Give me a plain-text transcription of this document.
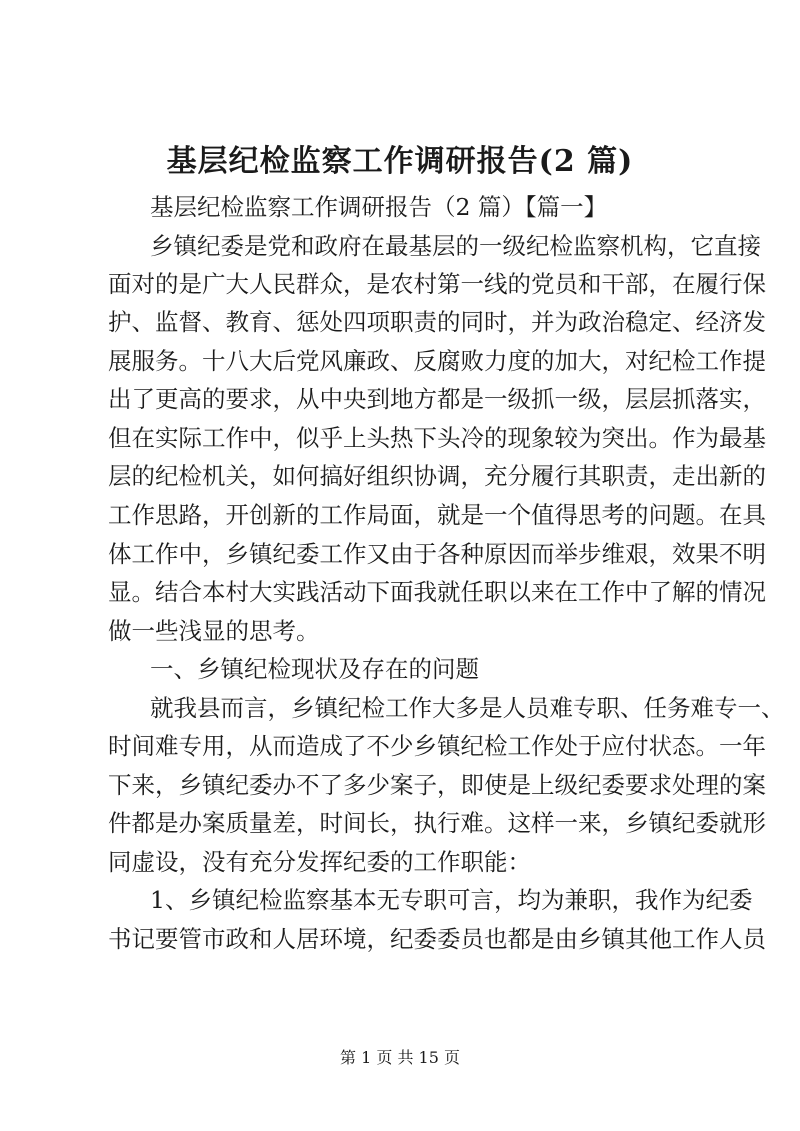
基层纪检监察工作调研报告(2 篇)
基层纪检监察工作调研报告（2 篇）【篇一】
乡镇纪委是党和政府在最基层的一级纪检监察机构，它直接
面对的是广大人民群众，是农村第一线的党员和干部，在履行保
护、监督、教育、惩处四项职责的同时，并为政治稳定、经济发
展服务。十八大后党风廉政、反腐败力度的加大，对纪检工作提
出了更高的要求，从中央到地方都是一级抓一级，层层抓落实，
但在实际工作中，似乎上头热下头冷的现象较为突出。作为最基
层的纪检机关，如何搞好组织协调，充分履行其职责，走出新的
工作思路，开创新的工作局面，就是一个值得思考的问题。在具
体工作中，乡镇纪委工作又由于各种原因而举步维艰，效果不明
显。结合本村大实践活动下面我就任职以来在工作中了解的情况
做一些浅显的思考。
一、乡镇纪检现状及存在的问题
就我县而言，乡镇纪检工作大多是人员难专职、任务难专一、
时间难专用，从而造成了不少乡镇纪检工作处于应付状态。一年
下来，乡镇纪委办不了多少案子，即使是上级纪委要求处理的案
件都是办案质量差，时间长，执行难。这样一来，乡镇纪委就形
同虚设，没有充分发挥纪委的工作职能：
1、乡镇纪检监察基本无专职可言，均为兼职，我作为纪委
书记要管市政和人居环境，纪委委员也都是由乡镇其他工作人员
第 1 页 共 15 页
